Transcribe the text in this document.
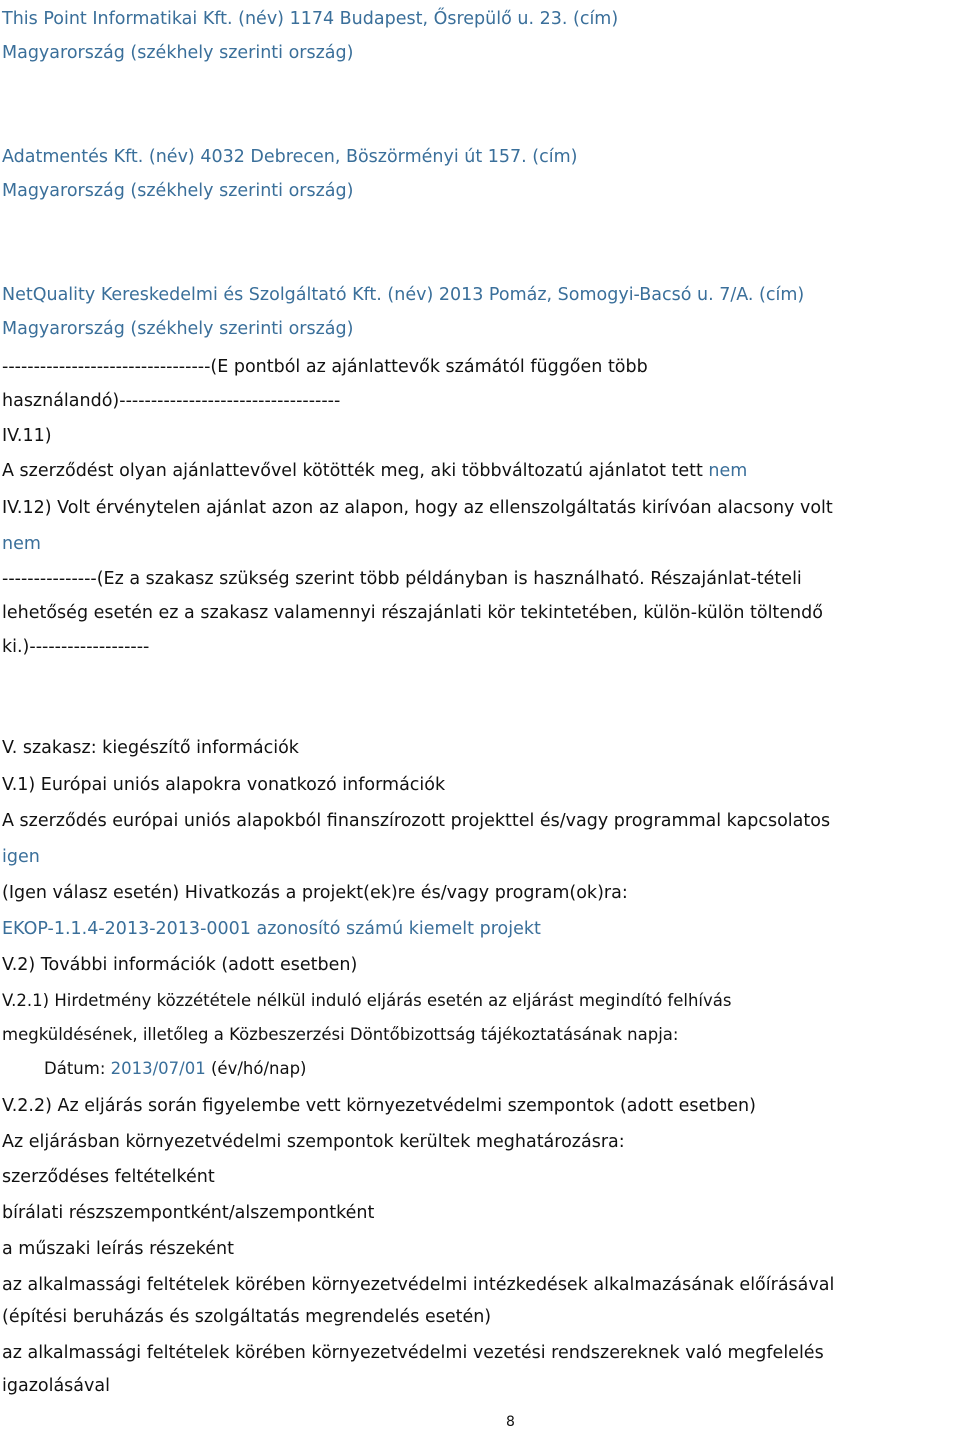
This Point Informatikai Kft. (név) 1174 Budapest, Ősrepülő u. 23. (cím)
Magyarország (székhely szerinti ország)
Adatmentés Kft. (név) 4032 Debrecen, Böszörményi út 157. (cím)
Magyarország (székhely szerinti ország)
NetQuality Kereskedelmi és Szolgáltató Kft. (név) 2013 Pomáz, Somogyi-Bacsó u. 7/A. (cím)
Magyarország (székhely szerinti ország)
---------------------------------(E pontból az ajánlattevők számától függően több
használandó)-----------------------------------
IV.11)
A szerződést olyan ajánlattevővel kötötték meg, aki többváltozatú ajánlatot tett nem
IV.12) Volt érvénytelen ajánlat azon az alapon, hogy az ellenszolgáltatás kirívóan alacsony volt
nem
---------------(Ez a szakasz szükség szerint több példányban is használható. Részajánlat-tételi
lehetőség esetén ez a szakasz valamennyi részajánlati kör tekintetében, külön-külön töltendő
ki.)-------------------
V. szakasz: kiegészítő információk
V.1) Európai uniós alapokra vonatkozó információk
A szerződés európai uniós alapokból finanszírozott projekttel és/vagy programmal kapcsolatos
igen
(Igen válasz esetén) Hivatkozás a projekt(ek)re és/vagy program(ok)ra:
EKOP-1.1.4-2013-2013-0001 azonosító számú kiemelt projekt
V.2) További információk (adott esetben)
V.2.1) Hirdetmény közzététele nélkül induló eljárás esetén az eljárást megindító felhívás
megküldésének, illetőleg a Közbeszerzési Döntőbizottság tájékoztatásának napja:
Dátum: 2013/07/01 (év/hó/nap)
V.2.2) Az eljárás során figyelembe vett környezetvédelmi szempontok (adott esetben)
Az eljárásban környezetvédelmi szempontok kerültek meghatározásra:
szerződéses feltételként
bírálati részszempontként/alszempontként
a műszaki leírás részeként
az alkalmassági feltételek körében környezetvédelmi intézkedések alkalmazásának előírásával
(építési beruházás és szolgáltatás megrendelés esetén)
az alkalmassági feltételek körében környezetvédelmi vezetési rendszereknek való megfelelés
igazolásával
8
